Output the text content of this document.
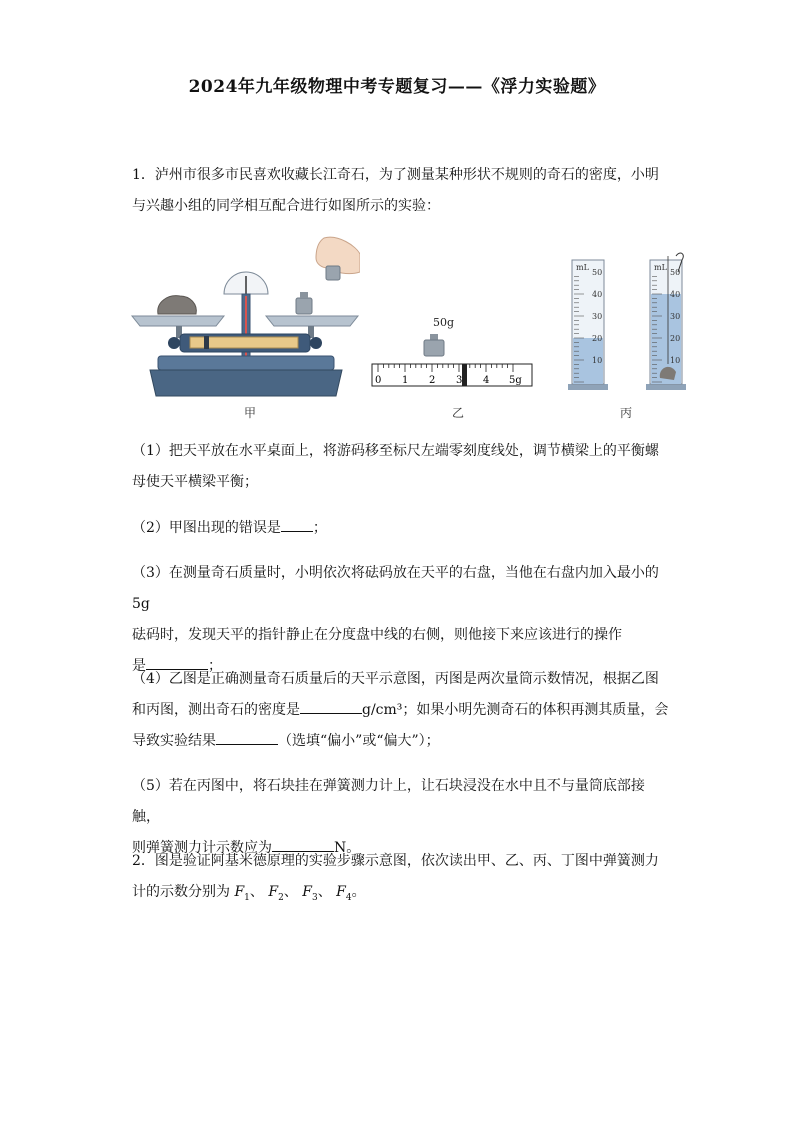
2024年九年级物理中考专题复习——《浮力实验题》
1．泸州市很多市民喜欢收藏长江奇石，为了测量某种形状不规则的奇石的密度，小明
与兴趣小组的同学相互配合进行如图所示的实验：
甲
50g
0 1 2 3 4 5g
乙
mL
50
40
30
20
10
mL
50
40
30
20
10
丙
（1）把天平放在水平桌面上，将游码移至标尺左端零刻度线处，调节横梁上的平衡螺
母使天平横梁平衡；
（2）甲图出现的错误是 ；
（3）在测量奇石质量时，小明依次将砝码放在天平的右盘，当他在右盘内加入最小的5g
砝码时，发现天平的指针静止在分度盘中线的右侧，则他接下来应该进行的操作
是	；
（4）乙图是正确测量奇石质量后的天平示意图，丙图是两次量筒示数情况，根据乙图
和丙图，测出奇石的密度是	g/cm³；如果小明先测奇石的体积再测其质量，会
导致实验结果	（选填“偏小”或“偏大”）；
（5）若在丙图中，将石块挂在弹簧测力计上，让石块浸没在水中且不与量筒底部接触，
则弹簧测力计示数应为	N。
2．图是验证阿基米德原理的实验步骤示意图，依次读出甲、乙、丙、丁图中弹簧测力
计的示数分别为 $F_1$、 $F_2$、 $F_3$、 $F_4$。
